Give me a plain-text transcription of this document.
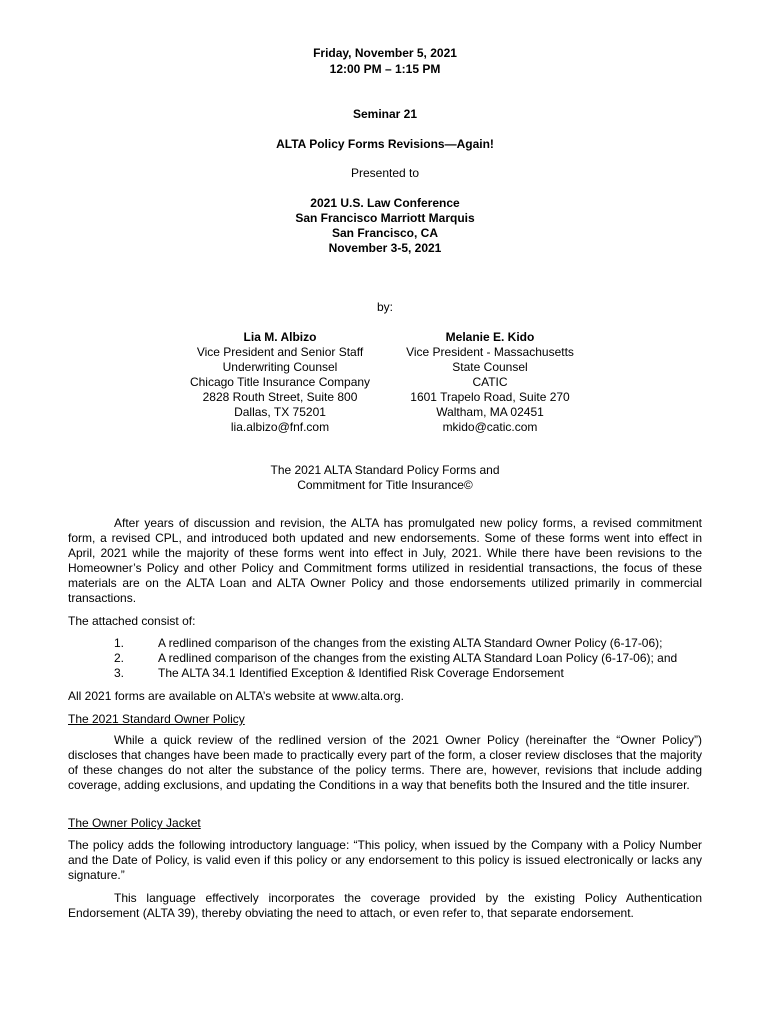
Friday, November 5, 2021
12:00 PM – 1:15 PM
Seminar 21
ALTA Policy Forms Revisions—Again!
Presented to
2021 U.S. Law Conference
San Francisco Marriott Marquis
San Francisco, CA
November 3-5, 2021
by:
Lia M. Albizo
Vice President and Senior Staff
Underwriting Counsel
Chicago Title Insurance Company
2828 Routh Street, Suite 800
Dallas, TX 75201
lia.albizo@fnf.com
Melanie E. Kido
Vice President - Massachusetts
State Counsel
CATIC
1601 Trapelo Road, Suite 270
Waltham, MA 02451
mkido@catic.com
The 2021 ALTA Standard Policy Forms and
Commitment for Title Insurance©
After years of discussion and revision, the ALTA has promulgated new policy forms, a revised commitment form, a revised CPL, and introduced both updated and new endorsements. Some of these forms went into effect in April, 2021 while the majority of these forms went into effect in July, 2021. While there have been revisions to the Homeowner’s Policy and other Policy and Commitment forms utilized in residential transactions, the focus of these materials are on the ALTA Loan and ALTA Owner Policy and those endorsements utilized primarily in commercial transactions.
The attached consist of:
1.	A redlined comparison of the changes from the existing ALTA Standard Owner Policy (6-17-06);
2.	A redlined comparison of the changes from the existing ALTA Standard Loan Policy (6-17-06); and
3.	The ALTA 34.1 Identified Exception & Identified Risk Coverage Endorsement
All 2021 forms are available on ALTA’s website at www.alta.org.
The 2021 Standard Owner Policy
While a quick review of the redlined version of the 2021 Owner Policy (hereinafter the “Owner Policy”) discloses that changes have been made to practically every part of the form, a closer review discloses that the majority of these changes do not alter the substance of the policy terms. There are, however, revisions that include adding coverage, adding exclusions, and updating the Conditions in a way that benefits both the Insured and the title insurer.
The Owner Policy Jacket
The policy adds the following introductory language: “This policy, when issued by the Company with a Policy Number and the Date of Policy, is valid even if this policy or any endorsement to this policy is issued electronically or lacks any signature.”
This language effectively incorporates the coverage provided by the existing Policy Authentication Endorsement (ALTA 39), thereby obviating the need to attach, or even refer to, that separate endorsement.
